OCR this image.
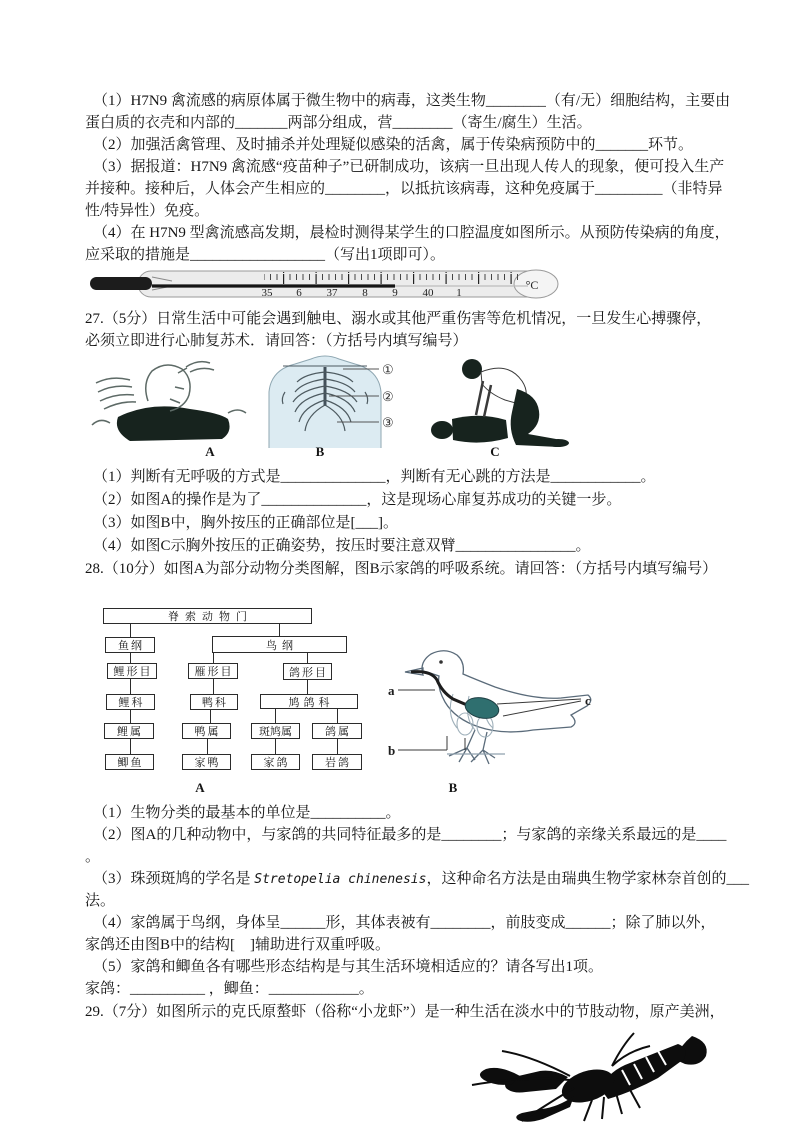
（1）H7N9 禽流感的病原体属于微生物中的病毒，这类生物________（有/无）细胞结构，主要由
蛋白质的衣壳和内部的_______两部分组成，营________（寄生/腐生）生活。
（2）加强活禽管理、及时捕杀并处理疑似感染的活禽，属于传染病预防中的_______环节。
（3）据报道：H7N9 禽流感“疫苗种子”已研制成功，该病一旦出现人传人的现象，便可投入生产
并接种。接种后，人体会产生相应的________，以抵抗该病毒，这种免疫属于_________（非特异
性/特异性）免疫。
（4）在 H7N9 型禽流感高发期，晨检时测得某学生的口腔温度如图所示。从预防传染病的角度，
应采取的措施是__________________（写出1项即可）。
35 6 37 8 9 40 1
°C
27.（5分）日常生活中可能会遇到触电、溺水或其他严重伤害等危机情况，一旦发生心搏骤停，
必须立即进行心肺复苏术．请回答：（方括号内填写编号）
①
②
③
A	B	C
（1）判断有无呼吸的方式是______________，判断有无心跳的方法是____________。
（2）如图A的操作是为了______________，这是现场心扉复苏成功的关键一步。
（3）如图B中，胸外按压的正确部位是[___]。
（4）如图C示胸外按压的正确姿势，按压时要注意双臂________________。
28.（10分）如图A为部分动物分类图解，图B示家鸽的呼吸系统。请回答：（方括号内填写编号）
脊索动物门
鱼纲	鸟纲
鲤形目	雁形目	鸽形目
鲤科	鸭科	鸠鸽科
鲤属	鸭属	斑鸠属	鸽属
鲫鱼	家鸭	家鸽	岩鸽
A
a
b
c
B
（1）生物分类的最基本的单位是__________。
（2）图A的几种动物中，与家鸽的共同特征最多的是________；与家鸽的亲缘关系最远的是____
。
（3）珠颈斑鸠的学名是 Stretopelia chinenesis，这种命名方法是由瑞典生物学家林奈首创的___
法。
（4）家鸽属于鸟纲，身体呈______形，其体表被有________，前肢变成______；除了肺以外，
家鸽还由图B中的结构[    ]辅助进行双重呼吸。
（5）家鸽和鲫鱼各有哪些形态结构是与其生活环境相适应的？请各写出1项。
家鸽：__________ ，鲫鱼：____________。
29.（7分）如图所示的克氏原螯虾（俗称“小龙虾”）是一种生活在淡水中的节肢动物，原产美洲，
